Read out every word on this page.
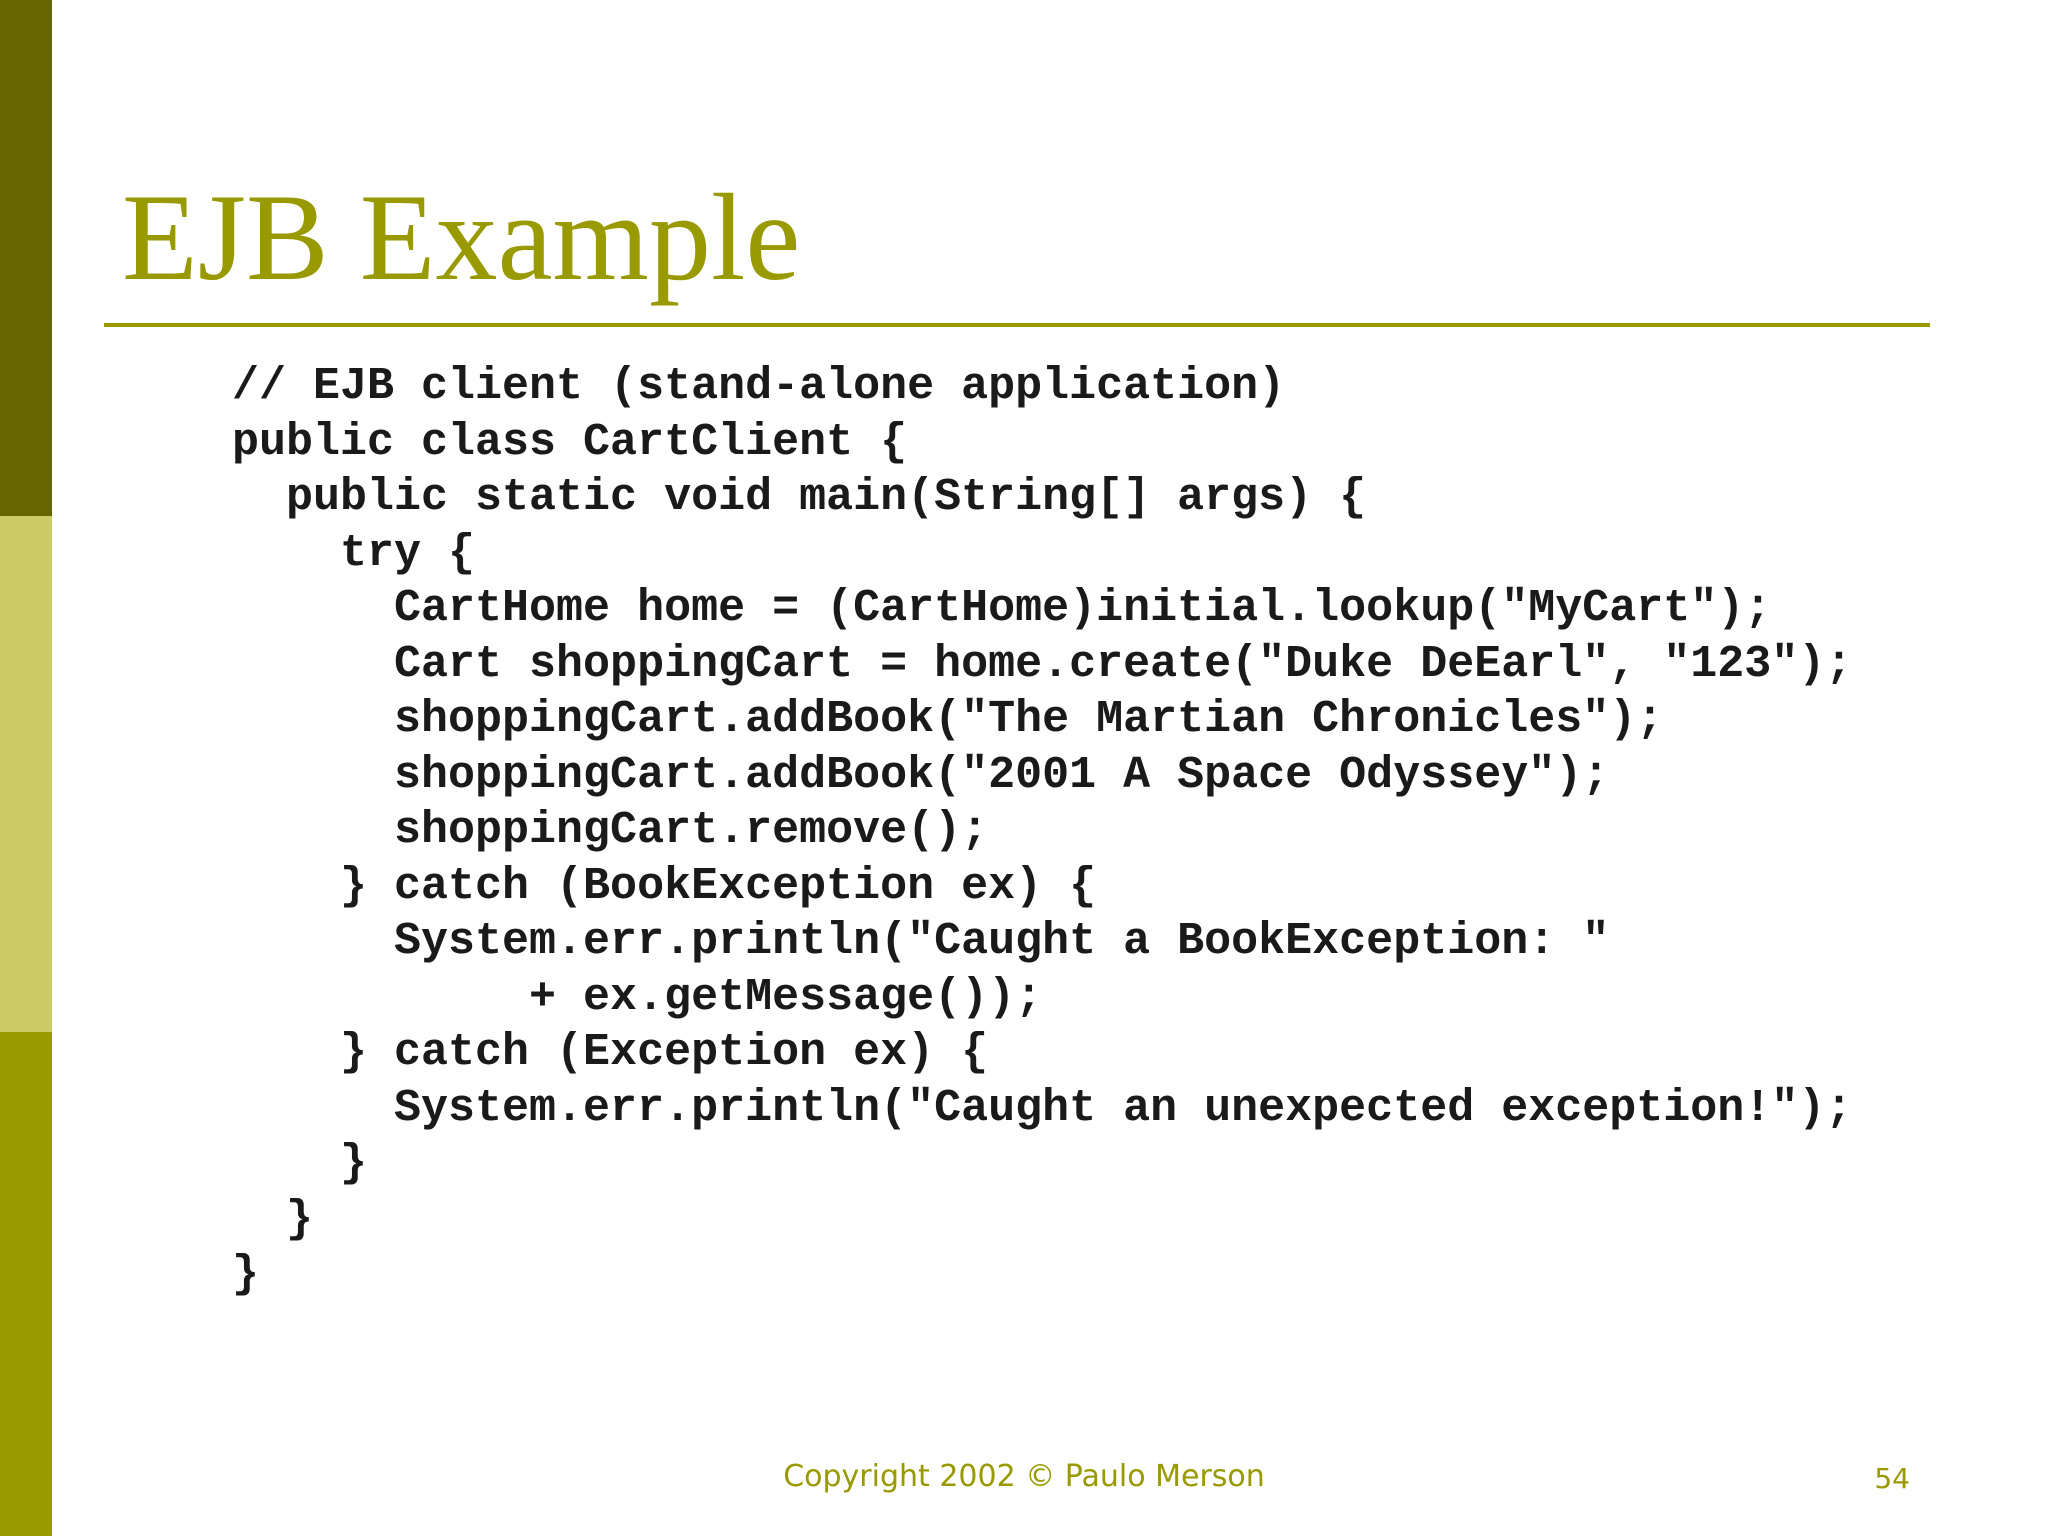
EJB Example
// EJB client (stand-alone application)
public class CartClient {
public static void main(String[] args) {
try {
CartHome home = (CartHome)initial.lookup("MyCart");
Cart shoppingCart = home.create("Duke DeEarl", "123");
shoppingCart.addBook("The Martian Chronicles");
shoppingCart.addBook("2001 A Space Odyssey");
shoppingCart.remove();
} catch (BookException ex) {
System.err.println("Caught a BookException: "
+ ex.getMessage());
} catch (Exception ex) {
System.err.println("Caught an unexpected exception!");
}
}
}
Copyright 2002 © Paulo Merson	54
